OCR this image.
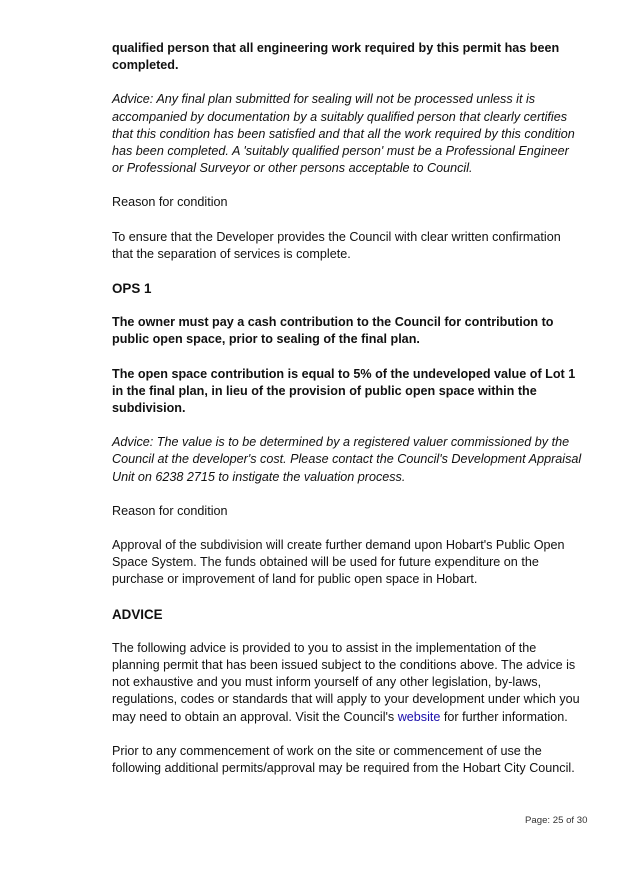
qualified person that all engineering work required by this permit has been completed.

Advice: Any final plan submitted for sealing will not be processed unless it is accompanied by documentation by a suitably qualified person that clearly certifies that this condition has been satisfied and that all the work required by this condition has been completed. A 'suitably qualified person' must be a Professional Engineer or Professional Surveyor or other persons acceptable to Council.

Reason for condition

To ensure that the Developer provides the Council with clear written confirmation that the separation of services is complete.

OPS 1

The owner must pay a cash contribution to the Council for contribution to public open space, prior to sealing of the final plan.

The open space contribution is equal to 5% of the undeveloped value of Lot 1 in the final plan, in lieu of the provision of public open space within the subdivision.

Advice: The value is to be determined by a registered valuer commissioned by the Council at the developer's cost. Please contact the Council's Development Appraisal Unit on 6238 2715 to instigate the valuation process.

Reason for condition

Approval of the subdivision will create further demand upon Hobart's Public Open Space System. The funds obtained will be used for future expenditure on the purchase or improvement of land for public open space in Hobart.

ADVICE

The following advice is provided to you to assist in the implementation of the planning permit that has been issued subject to the conditions above. The advice is not exhaustive and you must inform yourself of any other legislation, by-laws, regulations, codes or standards that will apply to your development under which you may need to obtain an approval. Visit the Council's website for further information.

Prior to any commencement of work on the site or commencement of use the following additional permits/approval may be required from the Hobart City Council.

Page: 25 of 30
